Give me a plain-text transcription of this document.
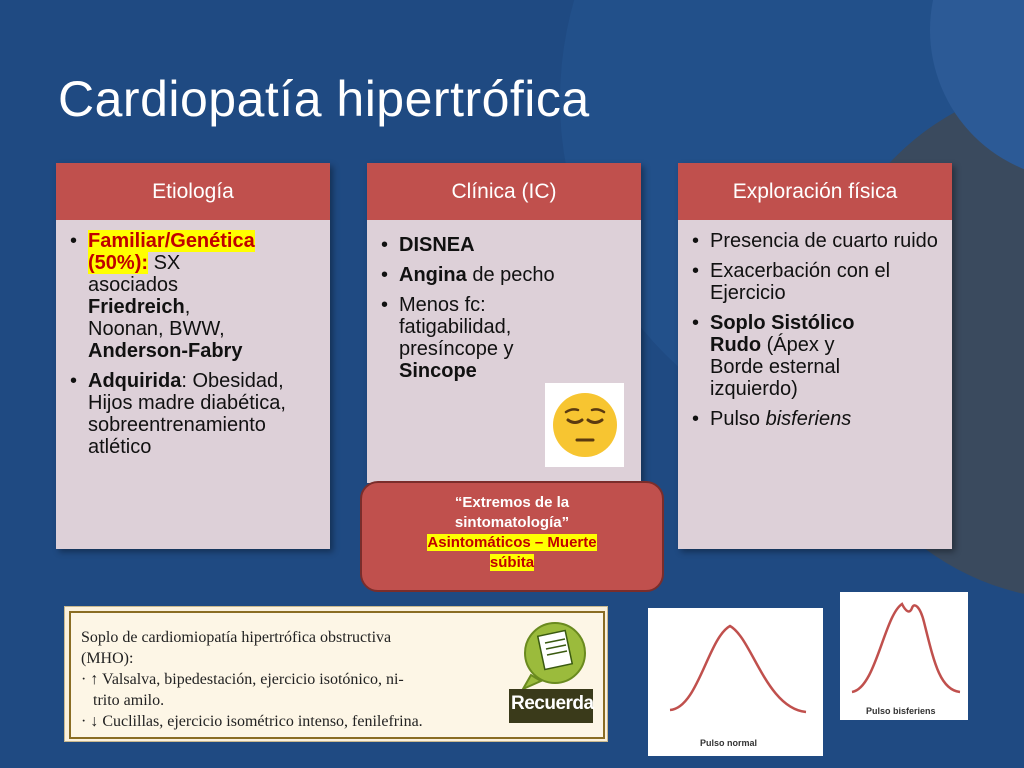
Cardiopatía hipertrófica
Etiología
• Familiar/Genética
(50%): SX
asociados
Friedreich,
Noonan, BWW,
Anderson-Fabry
• Adquirida: Obesidad, Hijos madre diabética, sobreentrenamiento atlético
Clínica (IC)
• DISNEA
• Angina de pecho
• Menos fc: fatigabilidad, presíncope y
Sincope
Exploración física
• Presencia de cuarto ruido
• Exacerbación con el Ejercicio
• Soplo Sistólico Rudo (Ápex y Borde esternal izquierdo)
• Pulso bisferiens
“Extremos de la
sintomatología”
Asintomáticos – Muerte
súbita
Soplo de cardiomiopatía hipertrófica obstructiva
(MHO):
· ↑ Valsalva, bipedestación, ejercicio isotónico, ni-
trito amilo.
· ↓ Cuclillas, ejercicio isométrico intenso, fenilefrina.
Recuerda
Pulso normal
Pulso bisferiens
